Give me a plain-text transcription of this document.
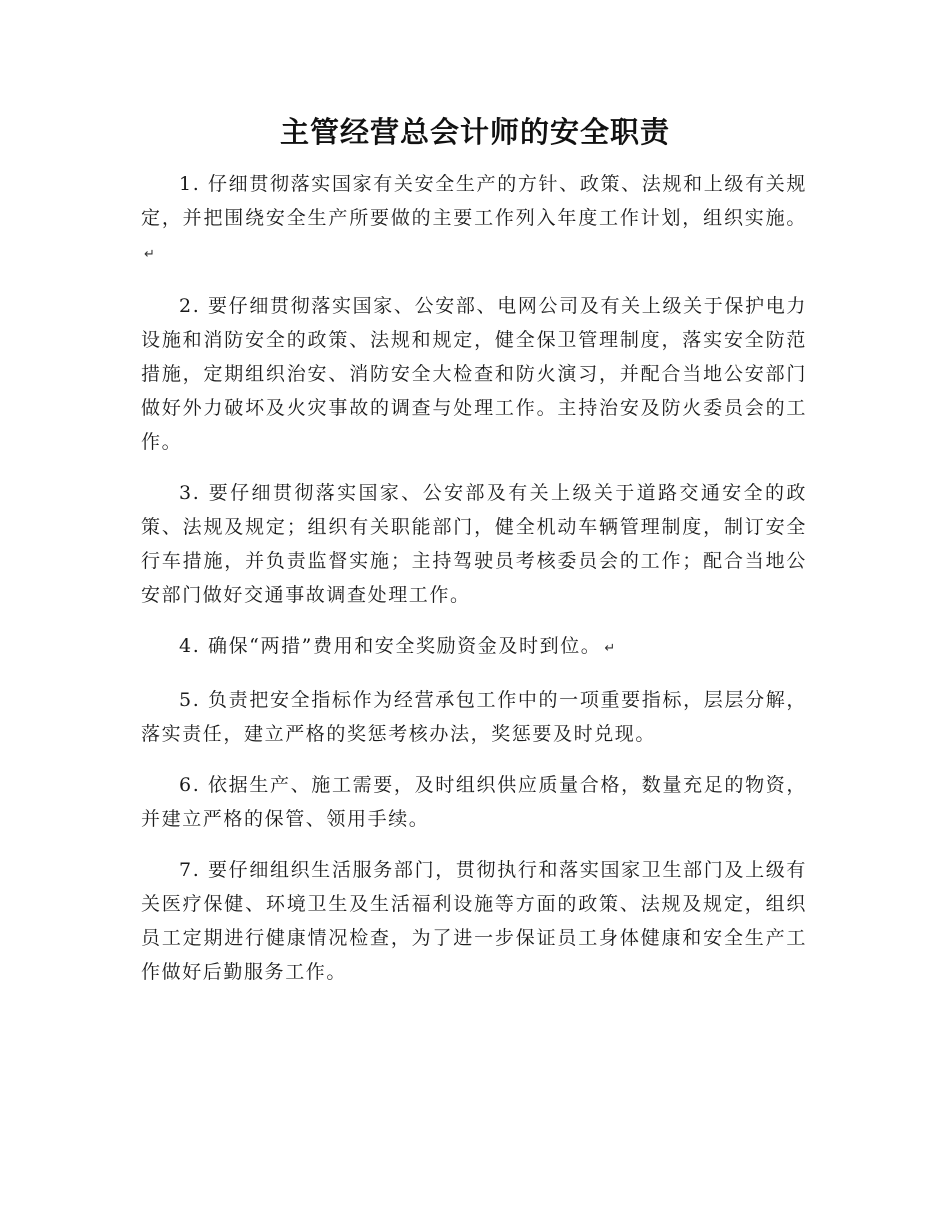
主管经营总会计师的安全职责

1. 仔细贯彻落实国家有关安全生产的方针、政策、法规和上级有关规定，并把围绕安全生产所要做的主要工作列入年度工作计划，组织实施。↵

2. 要仔细贯彻落实国家、公安部、电网公司及有关上级关于保护电力设施和消防安全的政策、法规和规定，健全保卫管理制度，落实安全防范措施，定期组织治安、消防安全大检查和防火演习，并配合当地公安部门做好外力破坏及火灾事故的调查与处理工作。主持治安及防火委员会的工作。

3. 要仔细贯彻落实国家、公安部及有关上级关于道路交通安全的政策、法规及规定；组织有关职能部门，健全机动车辆管理制度，制订安全行车措施，并负责监督实施；主持驾驶员考核委员会的工作；配合当地公安部门做好交通事故调查处理工作。

4. 确保“两措”费用和安全奖励资金及时到位。 ↵

5. 负责把安全指标作为经营承包工作中的一项重要指标，层层分解，落实责任，建立严格的奖惩考核办法，奖惩要及时兑现。

6. 依据生产、施工需要，及时组织供应质量合格，数量充足的物资，并建立严格的保管、领用手续。

7. 要仔细组织生活服务部门，贯彻执行和落实国家卫生部门及上级有关医疗保健、环境卫生及生活福利设施等方面的政策、法规及规定，组织员工定期进行健康情况检查，为了进一步保证员工身体健康和安全生产工作做好后勤服务工作。
